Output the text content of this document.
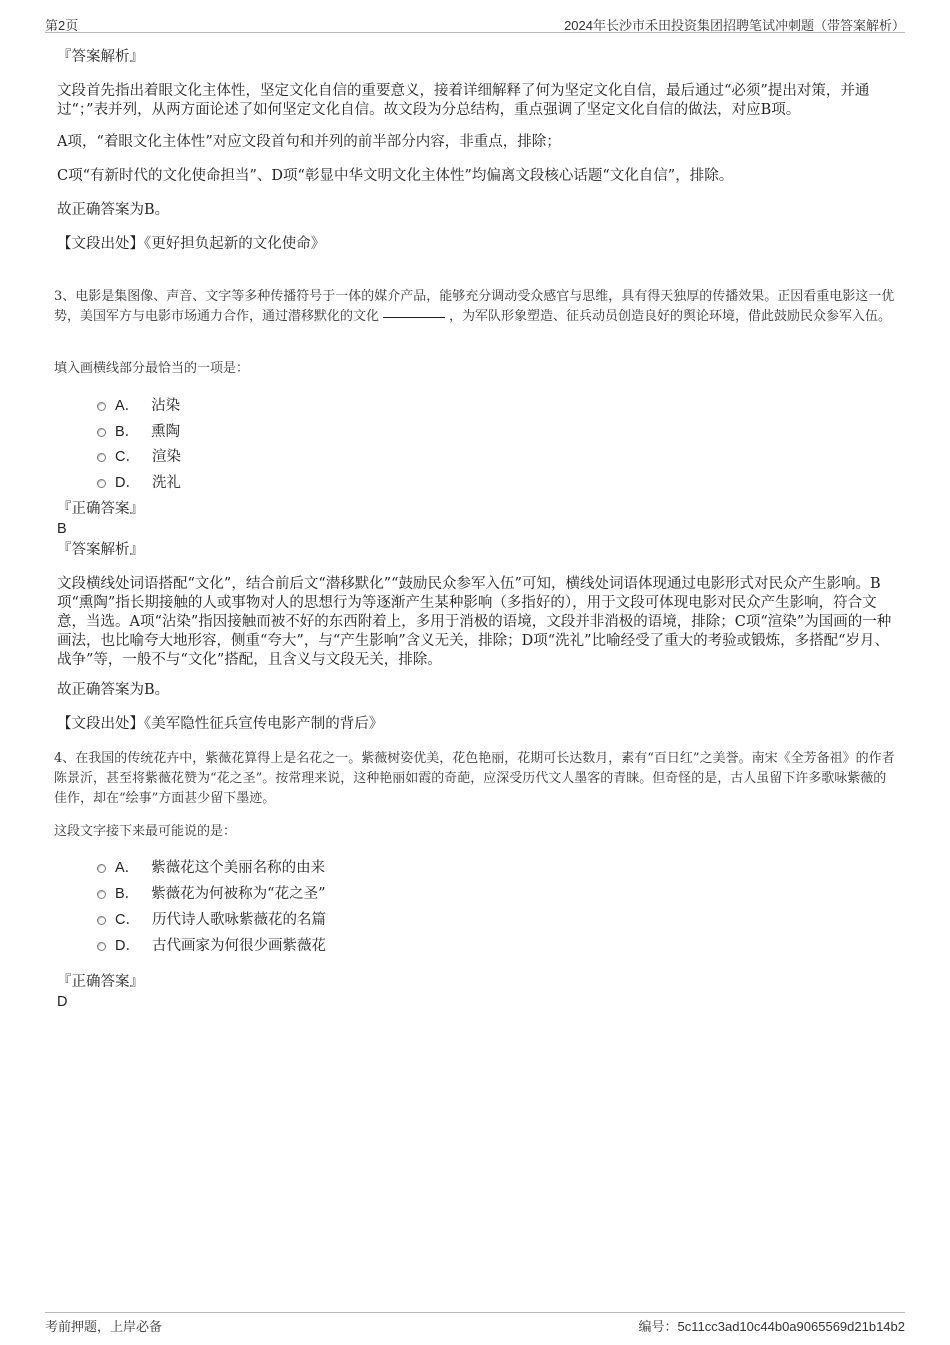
第2页	2024年长沙市禾田投资集团招聘笔试冲刺题（带答案解析）
『答案解析』
文段首先指出着眼文化主体性，坚定文化自信的重要意义，接着详细解释了何为坚定文化自信，最后通过“必须”提出对策，并通过“；”表并列，从两方面论述了如何坚定文化自信。故文段为分总结构，重点强调了坚定文化自信的做法，对应B项。
A项，“着眼文化主体性”对应文段首句和并列的前半部分内容，非重点，排除；
C项“有新时代的文化使命担当”、D项“彰显中华文明文化主体性”均偏离文段核心话题“文化自信”，排除。
故正确答案为B。
【文段出处】《更好担负起新的文化使命》
3、电影是集图像、声音、文字等多种传播符号于一体的媒介产品，能够充分调动受众感官与思维，具有得天独厚的传播效果。正因看重电影这一优势，美国军方与电影市场通力合作，通过潜移默化的文化	，为军队形象塑造、征兵动员创造良好的舆论环境，借此鼓励民众参军入伍。
填入画横线部分最恰当的一项是：
A． 沾染
B． 熏陶
C． 渲染
D． 洗礼
『正确答案』
B
『答案解析』
文段横线处词语搭配“文化”，结合前后文“潜移默化”“鼓励民众参军入伍”可知，横线处词语体现通过电影形式对民众产生影响。B项“熏陶”指长期接触的人或事物对人的思想行为等逐渐产生某种影响（多指好的），用于文段可体现电影对民众产生影响，符合文意，当选。A项“沾染”指因接触而被不好的东西附着上，多用于消极的语境，文段并非消极的语境，排除；C项“渲染”为国画的一种画法，也比喻夸大地形容，侧重“夸大”，与“产生影响”含义无关，排除；D项“洗礼”比喻经受了重大的考验或锻炼，多搭配“岁月、战争”等，一般不与“文化”搭配，且含义与文段无关，排除。
故正确答案为B。
【文段出处】《美军隐性征兵宣传电影产制的背后》
4、在我国的传统花卉中，紫薇花算得上是名花之一。紫薇树姿优美，花色艳丽，花期可长达数月，素有“百日红”之美誉。南宋《全芳备祖》的作者陈景沂，甚至将紫薇花赞为“花之圣”。按常理来说，这种艳丽如霞的奇葩，应深受历代文人墨客的青睐。但奇怪的是，古人虽留下许多歌咏紫薇的佳作，却在“绘事”方面甚少留下墨迹。
这段文字接下来最可能说的是：
A． 紫薇花这个美丽名称的由来
B． 紫薇花为何被称为“花之圣”
C． 历代诗人歌咏紫薇花的名篇
D． 古代画家为何很少画紫薇花
『正确答案』
D
考前押题，上岸必备	编号：5c11cc3ad10c44b0a9065569d21b14b2
